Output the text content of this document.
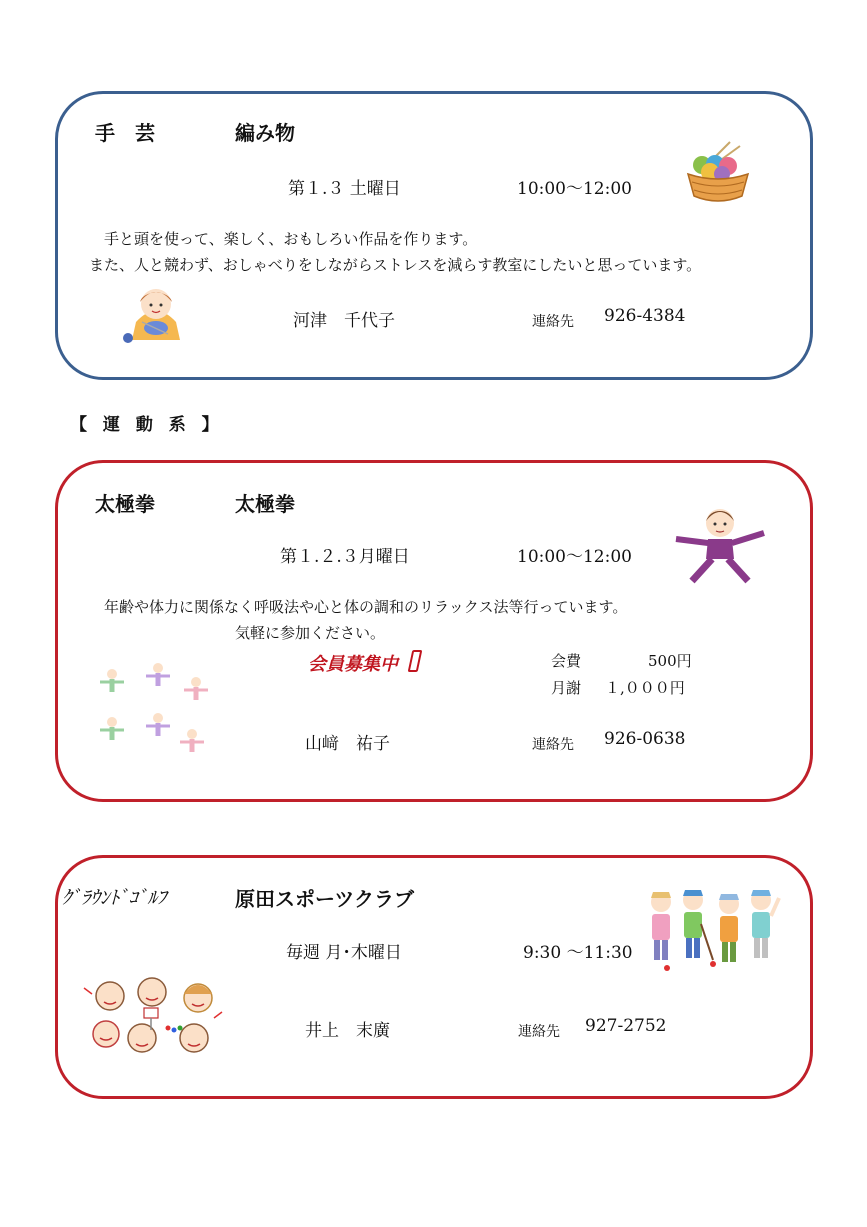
手　芸	編み物
第１.３ 土曜日	10:00～12:00
手と頭を使って、楽しく、おもしろい作品を作ります。
また、人と競わず、おしゃべりをしながらストレスを減らす教室にしたいと思っています。
河津　千代子	連絡先 926-4384
【 運 動 系 】
太極拳	太極拳
第１.２.３月曜日	10:00～12:00
年齢や体力に関係なく呼吸法や心と体の調和のリラックス法等行っています。
気軽に参加ください。
会員募集中	会費	500円
月謝 １,０００円
山﨑　祐子	連絡先 926-0638
ｸﾞﾗｳﾝﾄﾞｺﾞﾙﾌ	原田スポーツクラブ
毎週 月･木曜日	9:30 ～11:30
井上　末廣	連絡先 927-2752
